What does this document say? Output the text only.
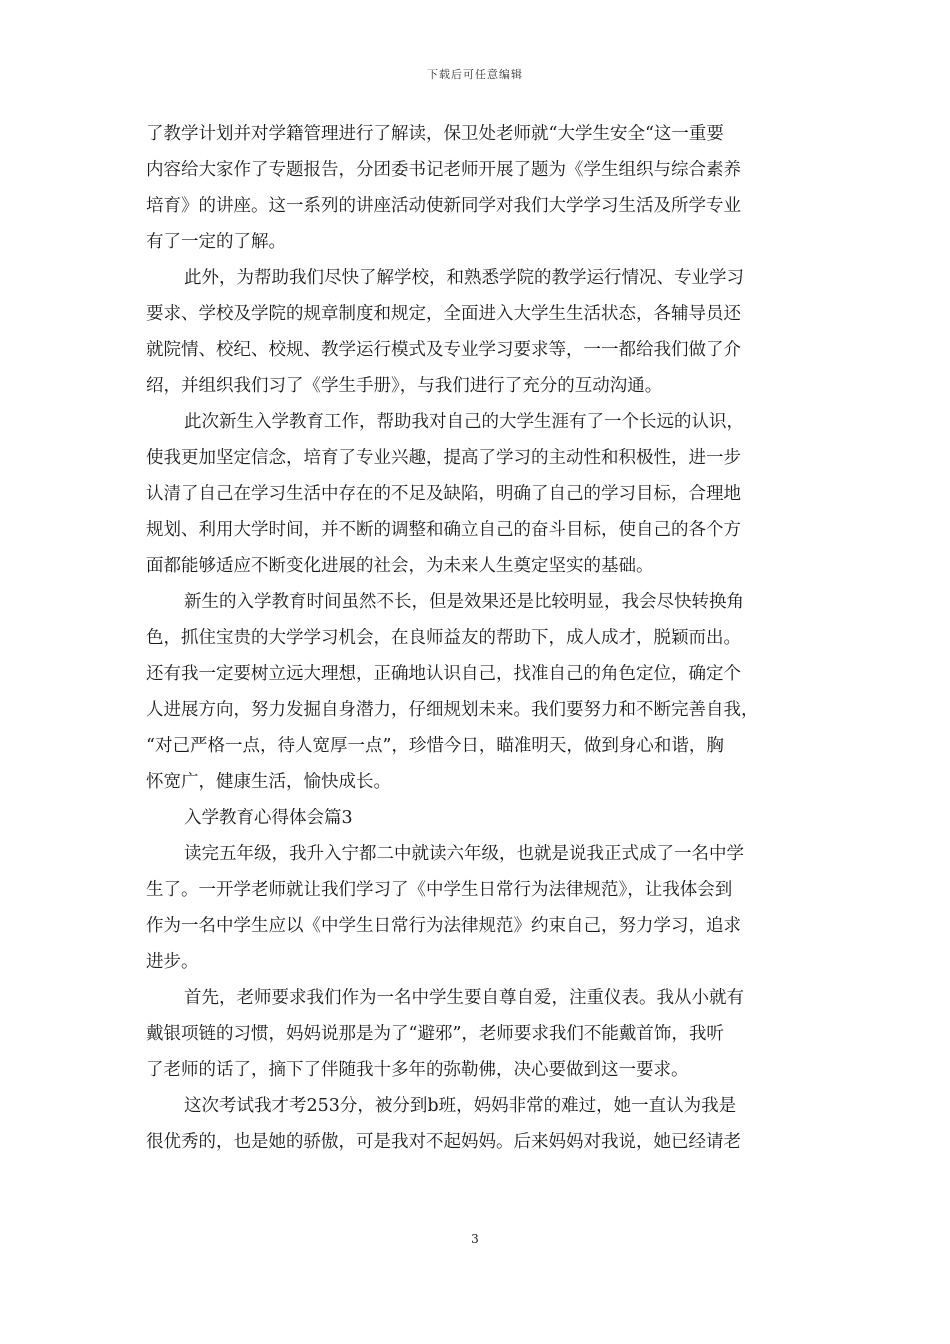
下载后可任意编辑
了教学计划并对学籍管理进行了解读，保卫处老师就“大学生安全“这一重要
内容给大家作了专题报告，分团委书记老师开展了题为《学生组织与综合素养
培育》的讲座。这一系列的讲座活动使新同学对我们大学学习生活及所学专业
有了一定的了解。
此外，为帮助我们尽快了解学校，和熟悉学院的教学运行情况、专业学习
要求、学校及学院的规章制度和规定，全面进入大学生生活状态，各辅导员还
就院情、校纪、校规、教学运行模式及专业学习要求等，一一都给我们做了介
绍，并组织我们习了《学生手册》，与我们进行了充分的互动沟通。
此次新生入学教育工作，帮助我对自己的大学生涯有了一个长远的认识，
使我更加坚定信念，培育了专业兴趣，提高了学习的主动性和积极性，进一步
认清了自己在学习生活中存在的不足及缺陷，明确了自己的学习目标，合理地
规划、利用大学时间，并不断的调整和确立自己的奋斗目标，使自己的各个方
面都能够适应不断变化进展的社会，为未来人生奠定坚实的基础。
新生的入学教育时间虽然不长，但是效果还是比较明显，我会尽快转换角
色，抓住宝贵的大学学习机会，在良师益友的帮助下，成人成才，脱颖而出。
还有我一定要树立远大理想，正确地认识自己，找准自己的角色定位，确定个
人进展方向，努力发掘自身潜力，仔细规划未来。我们要努力和不断完善自我，
“对己严格一点，待人宽厚一点”，珍惜今日，瞄准明天，做到身心和谐，胸
怀宽广，健康生活，愉快成长。
入学教育心得体会篇3
读完五年级，我升入宁都二中就读六年级，也就是说我正式成了一名中学
生了。一开学老师就让我们学习了《中学生日常行为法律规范》，让我体会到
作为一名中学生应以《中学生日常行为法律规范》约束自己，努力学习，追求
进步。
首先，老师要求我们作为一名中学生要自尊自爱，注重仪表。我从小就有
戴银项链的习惯，妈妈说那是为了“避邪”，老师要求我们不能戴首饰，我听
了老师的话了，摘下了伴随我十多年的弥勒佛，决心要做到这一要求。
这次考试我才考253分，被分到b班，妈妈非常的难过，她一直认为我是
很优秀的，也是她的骄傲，可是我对不起妈妈。后来妈妈对我说，她已经请老
3
